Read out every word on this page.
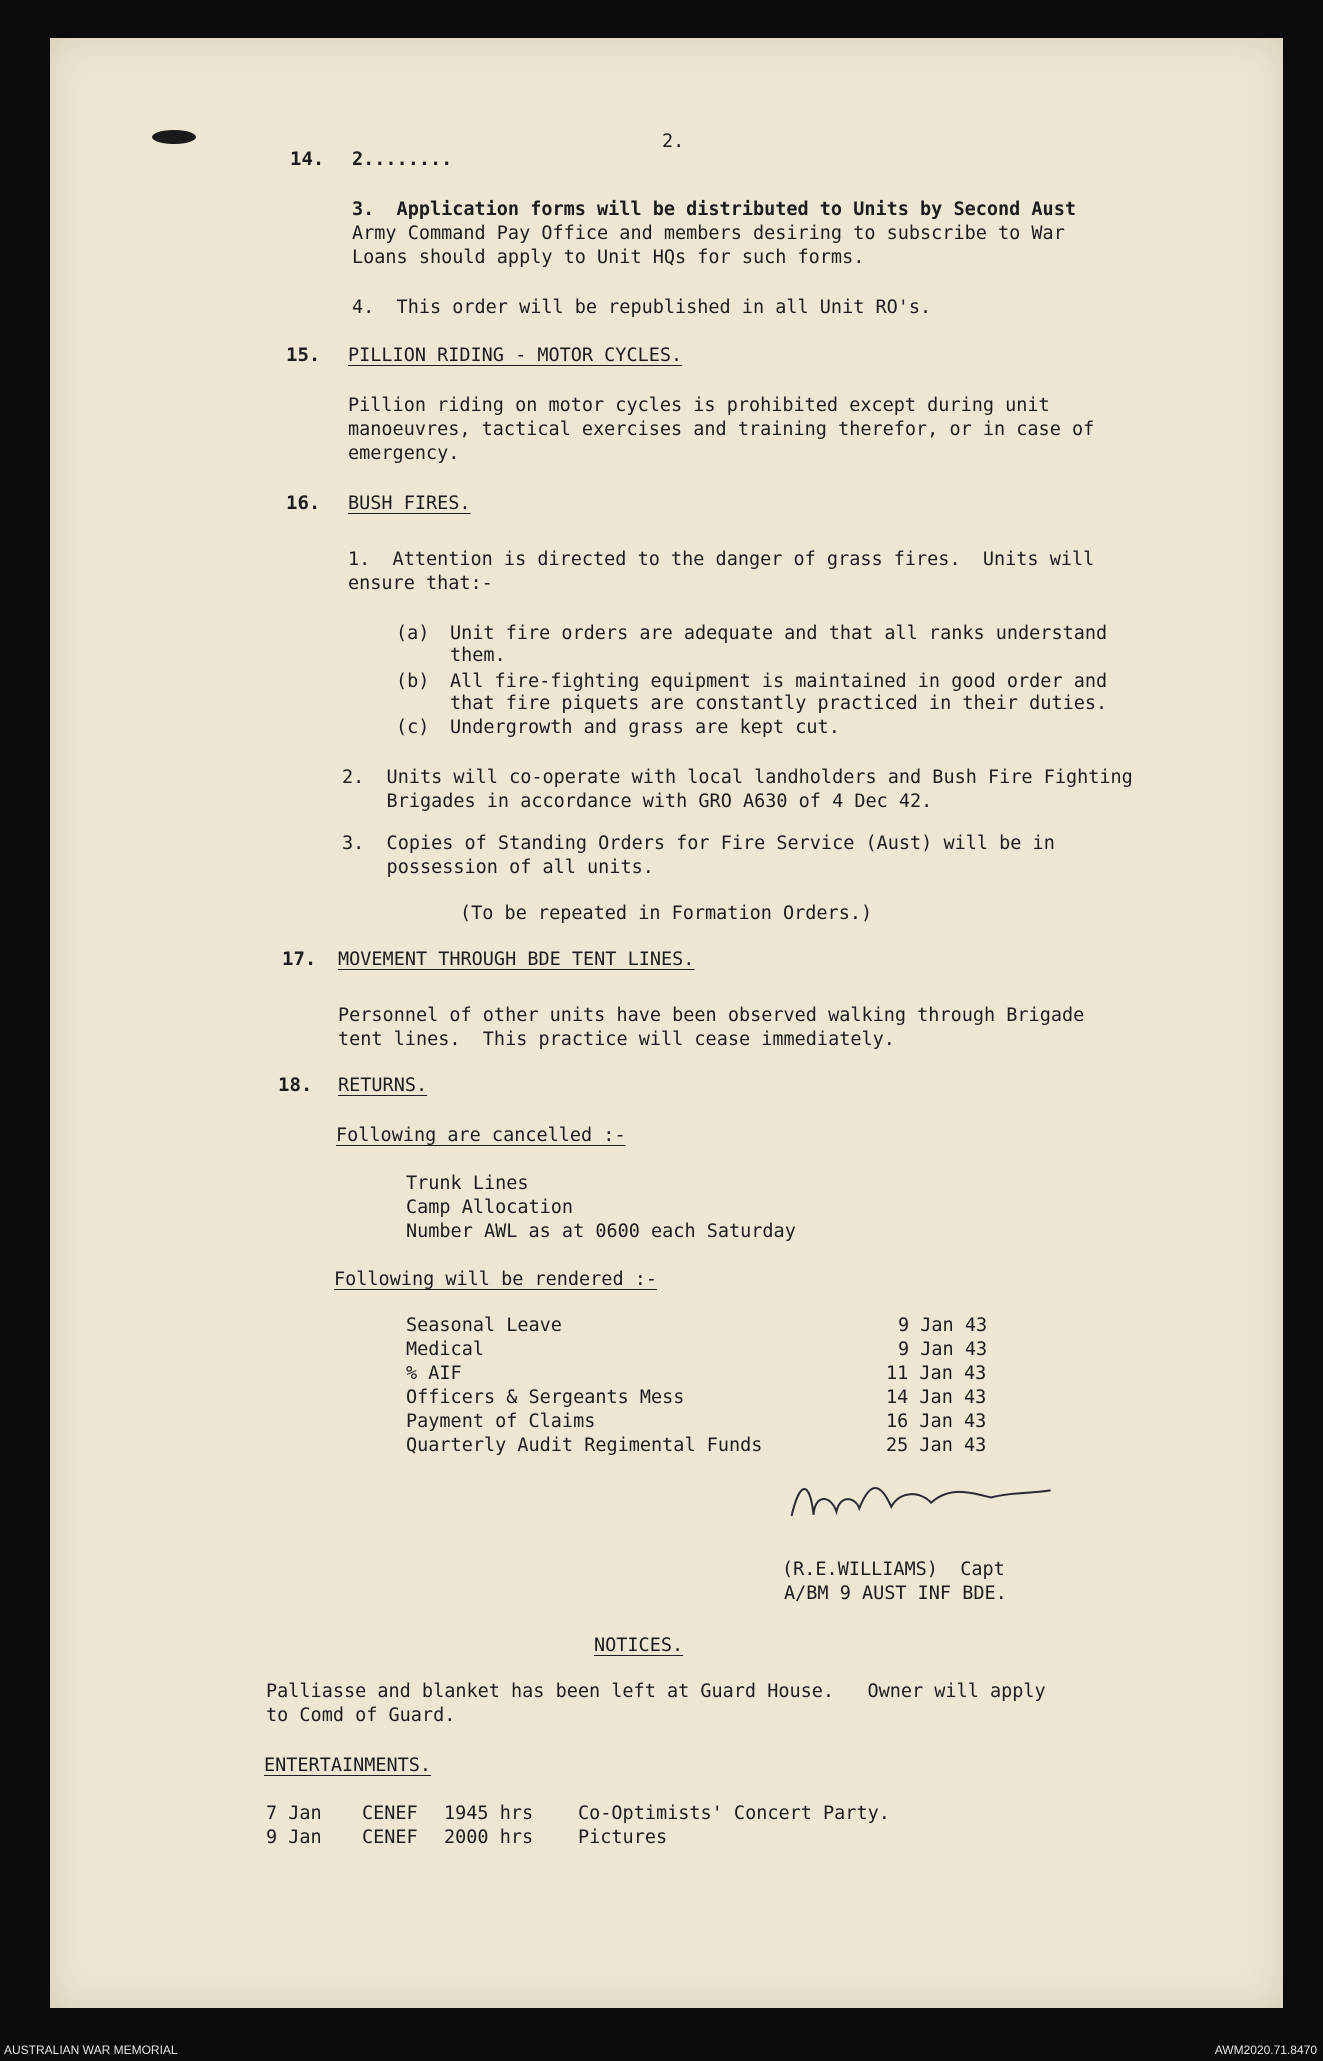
2.
14. 2........
3.  Application forms will be distributed to Units by Second Aust
Army Command Pay Office and members desiring to subscribe to War
Loans should apply to Unit HQs for such forms.
4.  This order will be republished in all Unit RO's.
15. PILLION RIDING - MOTOR CYCLES.
Pillion riding on motor cycles is prohibited except during unit
manoeuvres, tactical exercises and training therefor, or in case of
emergency.
16. BUSH FIRES.
1.  Attention is directed to the danger of grass fires.  Units will
ensure that:-
(a) Unit fire orders are adequate and that all ranks understand
them.
(b) All fire-fighting equipment is maintained in good order and
that fire piquets are constantly practiced in their duties.
(c) Undergrowth and grass are kept cut.
2.  Units will co-operate with local landholders and Bush Fire Fighting
Brigades in accordance with GRO A630 of 4 Dec 42.
3.  Copies of Standing Orders for Fire Service (Aust) will be in
possession of all units.
(To be repeated in Formation Orders.)
17. MOVEMENT THROUGH BDE TENT LINES.
Personnel of other units have been observed walking through Brigade
tent lines.  This practice will cease immediately.
18. RETURNS.
Following are cancelled :-
Trunk Lines
Camp Allocation
Number AWL as at 0600 each Saturday
Following will be rendered :-
Seasonal Leave	9 Jan 43
Medical	9 Jan 43
% AIF	11 Jan 43
Officers & Sergeants Mess	14 Jan 43
Payment of Claims	16 Jan 43
Quarterly Audit Regimental Funds	25 Jan 43
(R.E.WILLIAMS)  Capt
A/BM 9 AUST INF BDE.
NOTICES.
Palliasse and blanket has been left at Guard House.   Owner will apply
to Comd of Guard.
ENTERTAINMENTS.
7 Jan CENEF 1945 hrs Co-Optimists' Concert Party.
9 Jan CENEF 2000 hrs Pictures
AUSTRALIAN WAR MEMORIAL	AWM2020.71.8470
